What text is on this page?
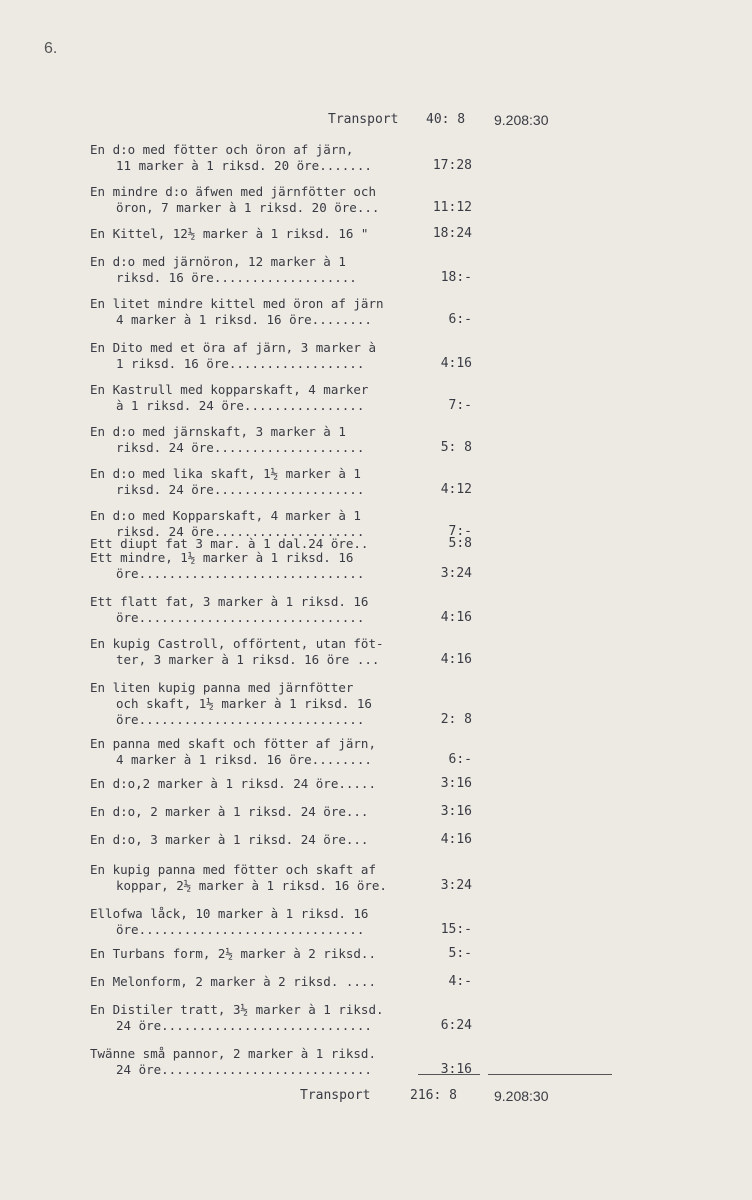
6.
Transport 40: 8 9.208:30
En d:o med fötter och öron af järn,
11 marker à 1 riksd. 20 öre.......	17:28
En mindre d:o äfwen med järnfötter och
öron, 7 marker à 1 riksd. 20 öre...	11:12
En Kittel, 12½ marker à 1 riksd. 16 "	18:24
En d:o med järnöron, 12 marker à 1
riksd. 16 öre...................	18:-
En litet mindre kittel med öron af järn
4 marker à 1 riksd. 16 öre........	6:-
En Dito med et öra af järn, 3 marker à
1 riksd. 16 öre..................	4:16
En Kastrull med kopparskaft, 4 marker
à 1 riksd. 24 öre................	7:-
En d:o med järnskaft, 3 marker à 1
riksd. 24 öre....................	5: 8
En d:o med lika skaft, 1½ marker à 1
riksd. 24 öre....................	4:12
En d:o med Kopparskaft, 4 marker à 1
riksd. 24 öre....................	7:-
Ett diupt fat 3 mar. à 1 dal.24 öre..	5:8
Ett mindre, 1½ marker à 1 riksd. 16
öre..............................	3:24
Ett flatt fat, 3 marker à 1 riksd. 16
öre..............................	4:16
En kupig Castroll, offörtent, utan föt-
ter, 3 marker à 1 riksd. 16 öre ...	4:16
En liten kupig panna med järnfötter
och skaft, 1½ marker à 1 riksd. 16
öre..............................	2: 8
En panna med skaft och fötter af järn,
4 marker à 1 riksd. 16 öre........	6:-
En d:o,2 marker à 1 riksd. 24 öre.....	3:16
En d:o, 2 marker à 1 riksd. 24 öre...	3:16
En d:o, 3 marker à 1 riksd. 24 öre...	4:16
En kupig panna med fötter och skaft af
koppar, 2½ marker à 1 riksd. 16 öre.	3:24
Ellofwa låck, 10 marker à 1 riksd. 16
öre..............................	15:-
En Turbans form, 2½ marker à 2 riksd..	5:-
En Melonform, 2 marker à 2 riksd. ....	4:-
En Distiler tratt, 3½ marker à 1 riksd.
24 öre............................	6:24
Twänne små pannor, 2 marker à 1 riksd.
24 öre............................	3:16
Transport	216: 8	9.208:30
